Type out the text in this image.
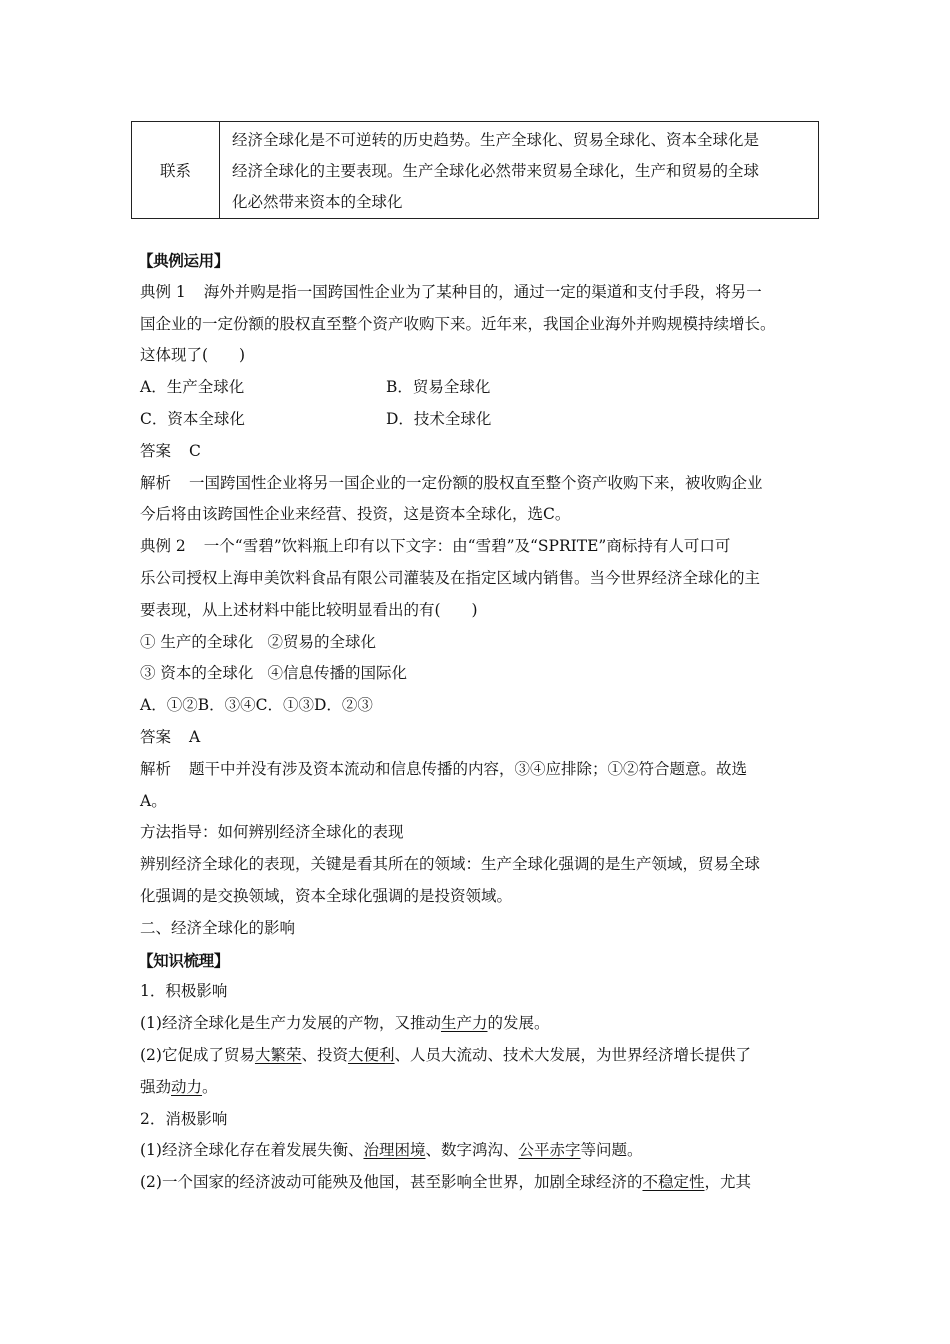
联系	
经济全球化是不可逆转的历史趋势。生产全球化、贸易全球化、资本全球化是
经济全球化的主要表现。生产全球化必然带来贸易全球化，生产和贸易的全球
化必然带来资本的全球化
【典例运用】
典例 1 海外并购是指一国跨国性企业为了某种目的，通过一定的渠道和支付手段，将另一
国企业的一定份额的股权直至整个资产收购下来。近年来，我国企业海外并购规模持续增长。
这体现了(　　)
A．生产全球化	B．贸易全球化
C．资本全球化	D．技术全球化
答案 C
解析 一国跨国性企业将另一国企业的一定份额的股权直至整个资产收购下来，被收购企业
今后将由该跨国性企业来经营、投资，这是资本全球化，选C。
典例 2 一个“雪碧”饮料瓶上印有以下文字：由“雪碧”及“SPRITE”商标持有人可口可
乐公司授权上海申美饮料食品有限公司灌装及在指定区域内销售。当今世界经济全球化的主
要表现，从上述材料中能比较明显看出的有(　　)
① 生产的全球化 ②贸易的全球化
③ 资本的全球化 ④信息传播的国际化
A．①②B．③④C．①③D．②③
答案 A
解析 题干中并没有涉及资本流动和信息传播的内容，③④应排除；①②符合题意。故选
A。
方法指导：如何辨别经济全球化的表现
辨别经济全球化的表现，关键是看其所在的领域：生产全球化强调的是生产领域，贸易全球
化强调的是交换领域，资本全球化强调的是投资领域。
二、经济全球化的影响
【知识梳理】
1．积极影响
(1)经济全球化是生产力发展的产物，又推动生产力的发展。
(2)它促成了贸易大繁荣、投资大便利、人员大流动、技术大发展，为世界经济增长提供了
强劲动力。
2．消极影响
(1)经济全球化存在着发展失衡、治理困境、数字鸿沟、公平赤字等问题。
(2)一个国家的经济波动可能殃及他国，甚至影响全世界，加剧全球经济的不稳定性，尤其
